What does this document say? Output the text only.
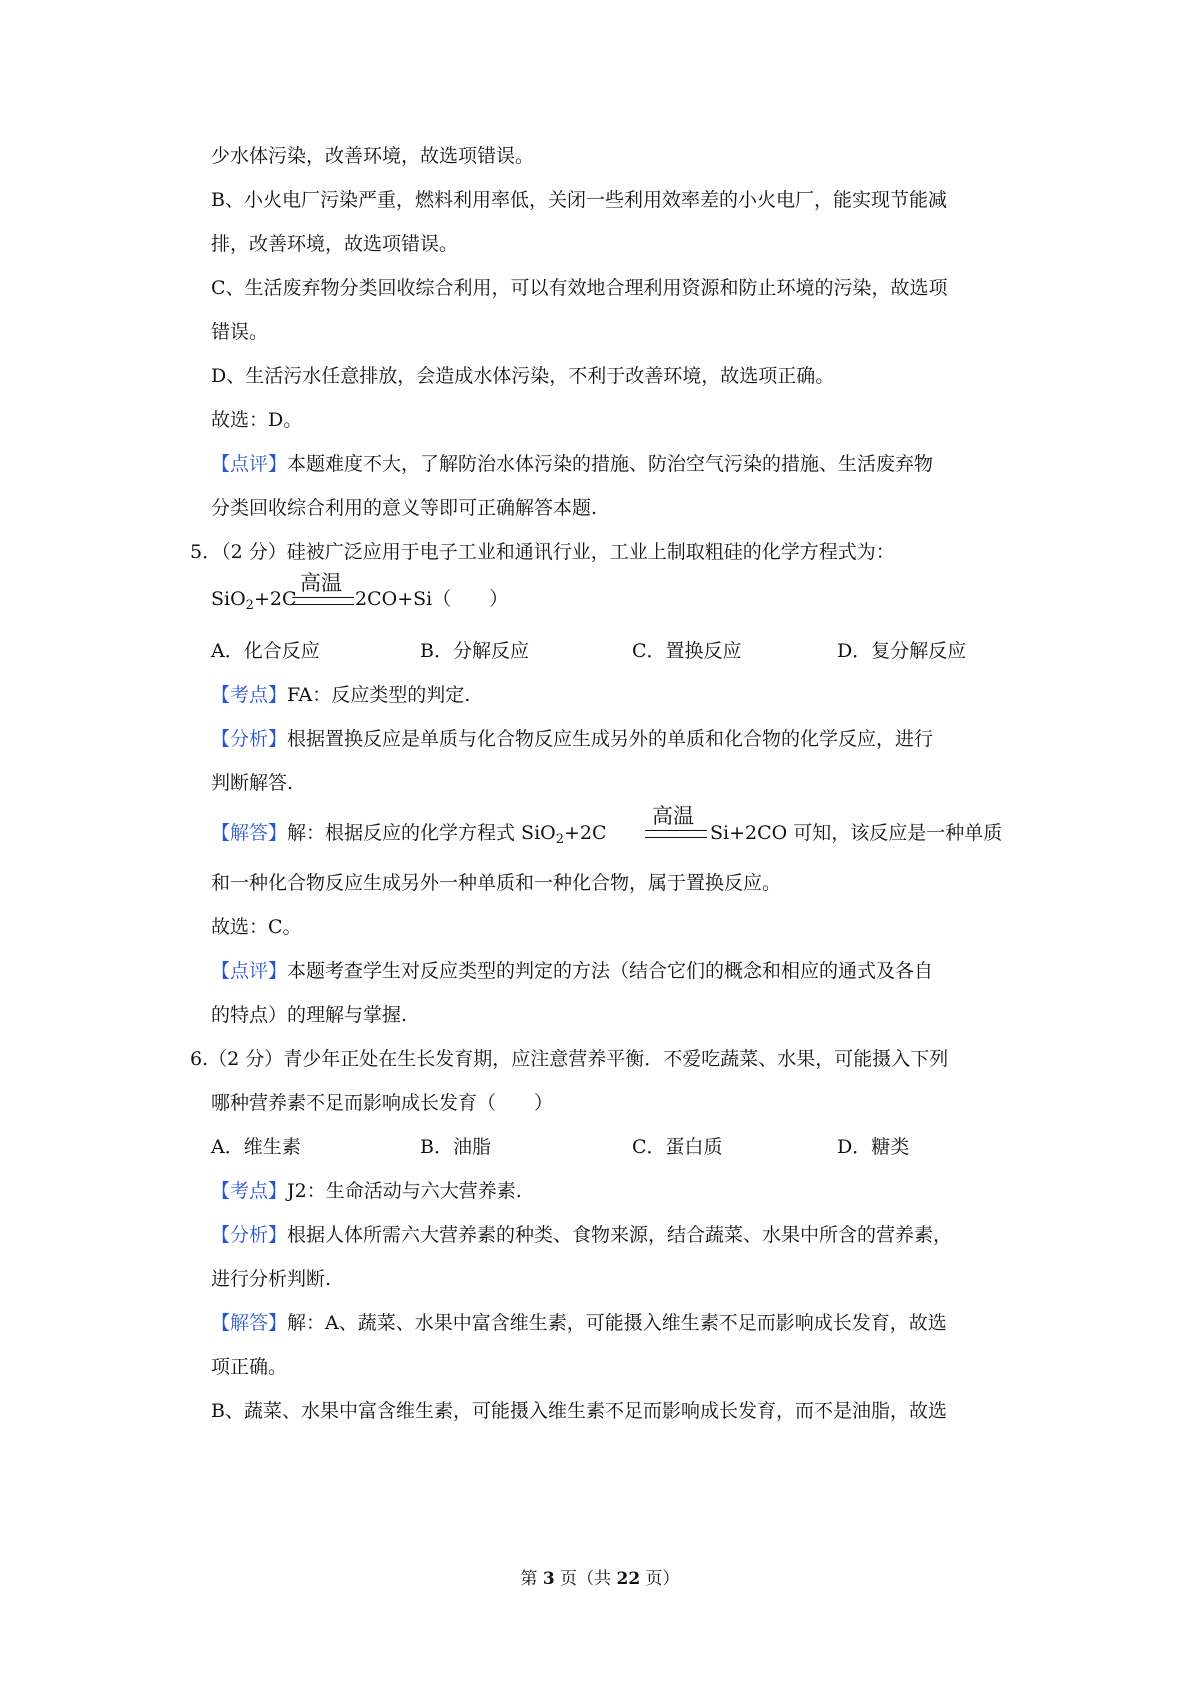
少水体污染，改善环境，故选项错误。
B、小火电厂污染严重，燃料利用率低，关闭一些利用效率差的小火电厂，能实现节能减
排，改善环境，故选项错误。
C、生活废弃物分类回收综合利用，可以有效地合理利用资源和防止环境的污染，故选项
错误。
D、生活污水任意排放，会造成水体污染，不利于改善环境，故选项正确。
故选：D。
【点评】本题难度不大，了解防治水体污染的措施、防治空气污染的措施、生活废弃物
分类回收综合利用的意义等即可正确解答本题.
5．（2 分）硅被广泛应用于电子工业和通讯行业，工业上制取粗硅的化学方程式为：
SiO$_2$+2C
高温
2CO+Si（　　）
A．化合反应	B．分解反应	C．置换反应	D．复分解反应
【考点】FA：反应类型的判定.
【分析】根据置换反应是单质与化合物反应生成另外的单质和化合物的化学反应，进行
判断解答.
【解答】解：根据反应的化学方程式 SiO$_2$+2C
高温
Si+2CO 可知，该反应是一种单质
和一种化合物反应生成另外一种单质和一种化合物，属于置换反应。
故选：C。
【点评】本题考查学生对反应类型的判定的方法（结合它们的概念和相应的通式及各自
的特点）的理解与掌握.
6.（2 分）青少年正处在生长发育期，应注意营养平衡．不爱吃蔬菜、水果，可能摄入下列
哪种营养素不足而影响成长发育（　　）
A．维生素	B．油脂	C．蛋白质	D．糖类
【考点】J2：生命活动与六大营养素.
【分析】根据人体所需六大营养素的种类、食物来源，结合蔬菜、水果中所含的营养素，
进行分析判断.
【解答】解：A、蔬菜、水果中富含维生素，可能摄入维生素不足而影响成长发育，故选
项正确。
B、蔬菜、水果中富含维生素，可能摄入维生素不足而影响成长发育，而不是油脂，故选
第 3 页（共 22 页）
